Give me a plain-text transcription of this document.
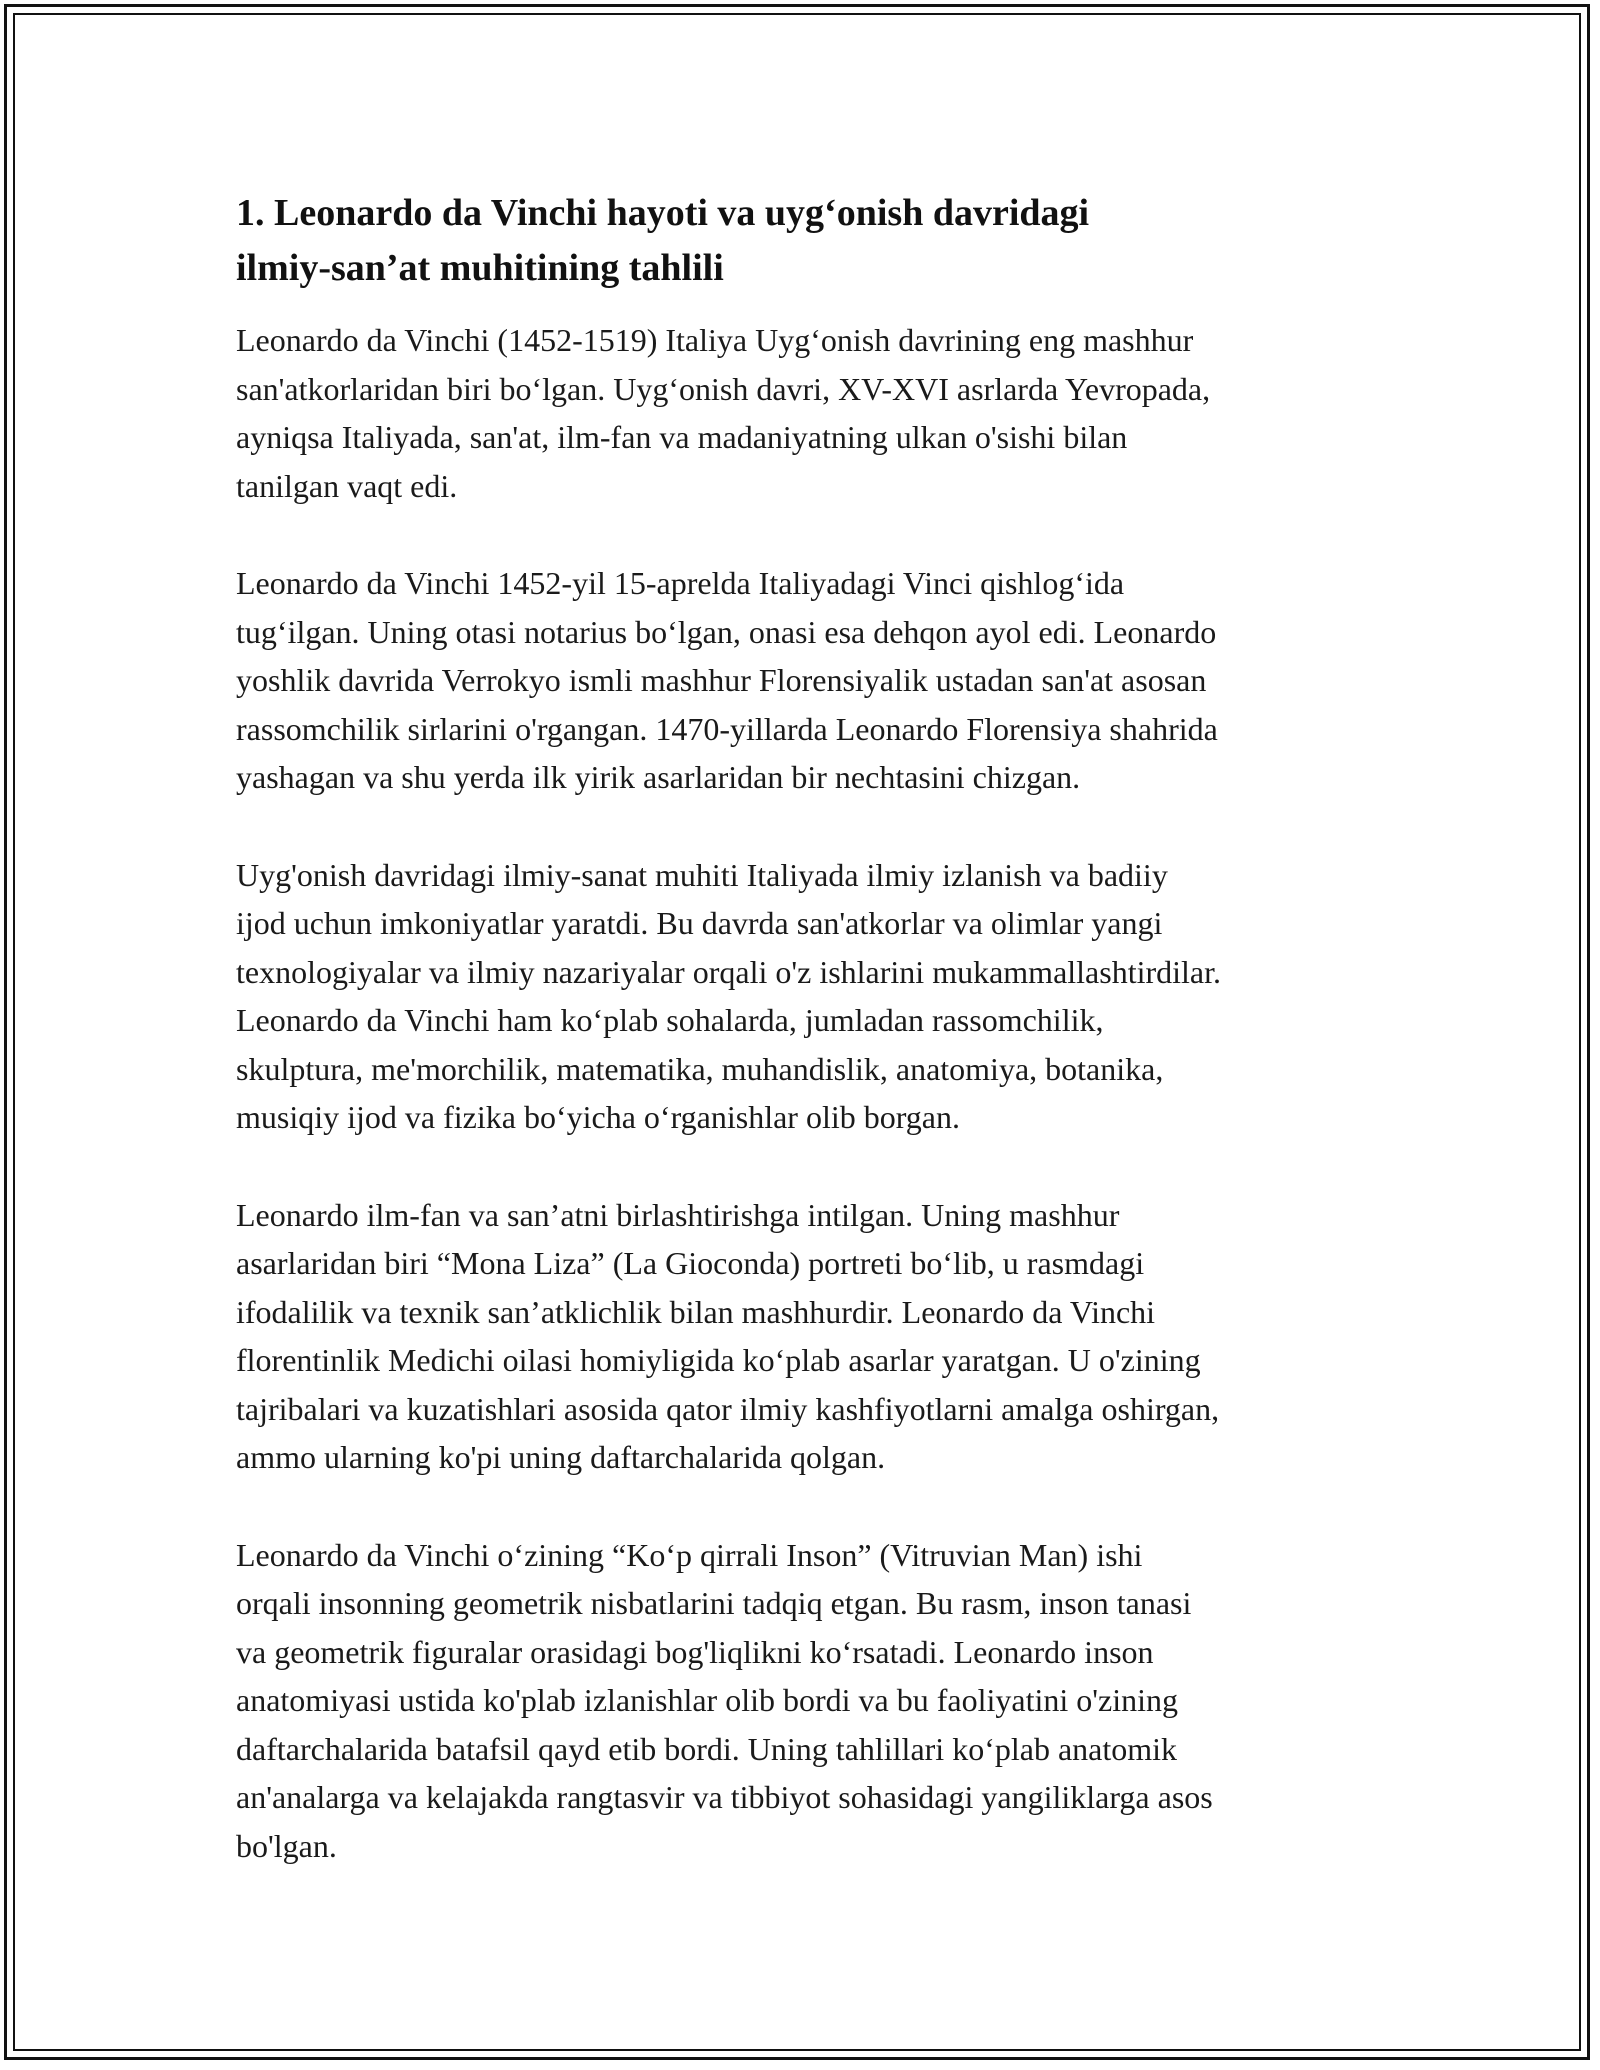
1. Leonardo da Vinchi hayoti va uyg‘onish davridagi
ilmiy-san’at muhitining tahlili

Leonardo da Vinchi (1452-1519) Italiya Uyg‘onish davrining eng mashhur
san'atkorlaridan biri bo‘lgan. Uyg‘onish davri, XV-XVI asrlarda Yevropada,
ayniqsa Italiyada, san'at, ilm-fan va madaniyatning ulkan o'sishi bilan
tanilgan vaqt edi.

Leonardo da Vinchi 1452-yil 15-aprelda Italiyadagi Vinci qishlog‘ida
tug‘ilgan. Uning otasi notarius bo‘lgan, onasi esa dehqon ayol edi. Leonardo
yoshlik davrida Verrokyo ismli mashhur Florensiyalik ustadan san'at asosan
rassomchilik sirlarini o'rgangan. 1470-yillarda Leonardo Florensiya shahrida
yashagan va shu yerda ilk yirik asarlaridan bir nechtasini chizgan.

Uyg'onish davridagi ilmiy-sanat muhiti Italiyada ilmiy izlanish va badiiy
ijod uchun imkoniyatlar yaratdi. Bu davrda san'atkorlar va olimlar yangi
texnologiyalar va ilmiy nazariyalar orqali o'z ishlarini mukammallashtirdilar.
Leonardo da Vinchi ham ko‘plab sohalarda, jumladan rassomchilik,
skulptura, me'morchilik, matematika, muhandislik, anatomiya, botanika,
musiqiy ijod va fizika bo‘yicha o‘rganishlar olib borgan.

Leonardo ilm-fan va san’atni birlashtirishga intilgan. Uning mashhur
asarlaridan biri “Mona Liza” (La Gioconda) portreti bo‘lib, u rasmdagi
ifodalilik va texnik san’atklichlik bilan mashhurdir. Leonardo da Vinchi
florentinlik Medichi oilasi homiyligida ko‘plab asarlar yaratgan. U o'zining
tajribalari va kuzatishlari asosida qator ilmiy kashfiyotlarni amalga oshirgan,
ammo ularning ko'pi uning daftarchalarida qolgan.

Leonardo da Vinchi o‘zining “Ko‘p qirrali Inson” (Vitruvian Man) ishi
orqali insonning geometrik nisbatlarini tadqiq etgan. Bu rasm, inson tanasi
va geometrik figuralar orasidagi bog'liqlikni ko‘rsatadi. Leonardo inson
anatomiyasi ustida ko'plab izlanishlar olib bordi va bu faoliyatini o'zining
daftarchalarida batafsil qayd etib bordi. Uning tahlillari ko‘plab anatomik
an'analarga va kelajakda rangtasvir va tibbiyot sohasidagi yangiliklarga asos
bo'lgan.
